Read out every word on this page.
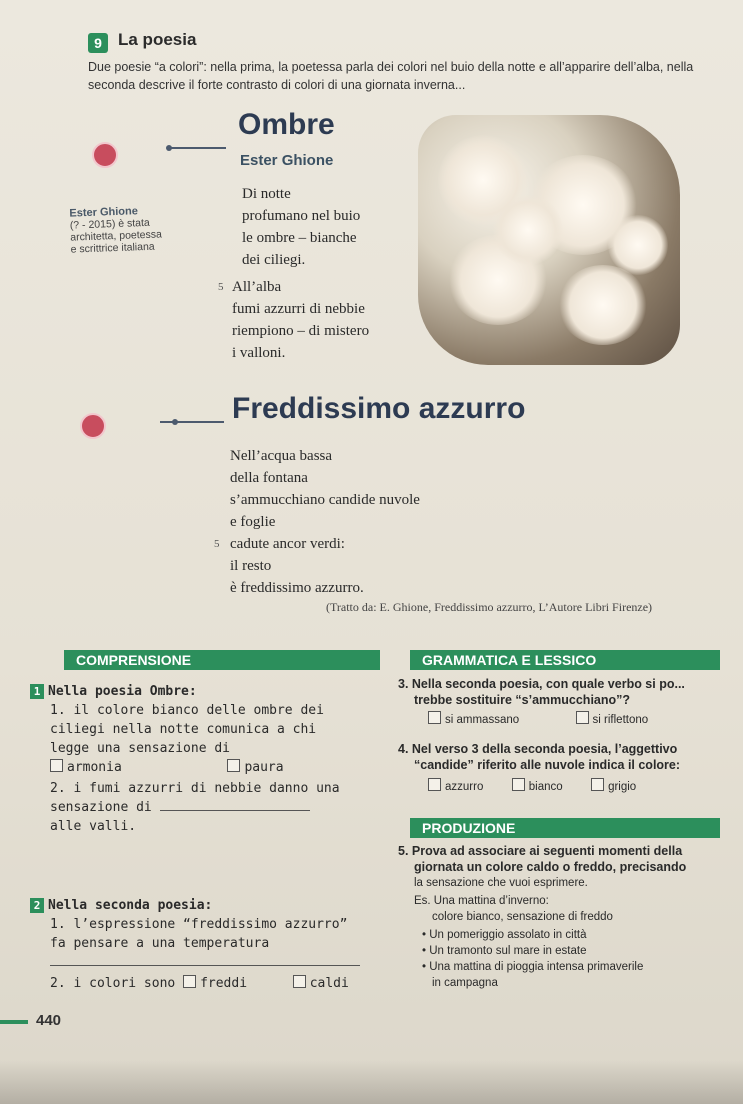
9 La poesia
Due poesie “a colori”: nella prima, la poetessa parla dei colori nel buio della notte e all’apparire dell’alba, nella seconda descrive il forte contrasto di colori di una giornata inverna...
Ombre
Ester Ghione
Ester Ghione
(? - 2015) è stata
architetta, poetessa
e scrittrice italiana
Di notte
profumano nel buio
le ombre – bianche
dei ciliegi.
5 All’alba
fumi azzurri di nebbie
riempiono – di mistero
i valloni.
Freddissimo azzurro
Nell’acqua bassa
della fontana
s’ammucchiano candide nuvole
e foglie
5 cadute ancor verdi:
il resto
è freddissimo azzurro.
(Tratto da: E. Ghione, Freddissimo azzurro, L’Autore Libri Firenze)
COMPRENSIONE
1 Nella poesia Ombre:
1. il colore bianco delle ombre dei
ciliegi nella notte comunica a chi
legge una sensazione di
armonia	paura
2. i fumi azzurri di nebbie danno una
sensazione di
alle valli.
2 Nella seconda poesia:
1. l’espressione “freddissimo azzurro”
fa pensare a una temperatura
2. i colori sono freddi	caldi
GRAMMATICA E LESSICO
3. Nella seconda poesia, con quale verbo si po...
trebbe sostituire “s’ammucchiano”?
si ammassano	si riflettono
4. Nel verso 3 della seconda poesia, l’aggettivo
“candide” riferito alle nuvole indica il colore:
azzurro	bianco	grigio
PRODUZIONE
5. Prova ad associare ai seguenti momenti della
giornata un colore caldo o freddo, precisando
la sensazione che vuoi esprimere.
Es. Una mattina d’inverno:
colore bianco, sensazione di freddo
• Un pomeriggio assolato in città
• Un tramonto sul mare in estate
• Una mattina di pioggia intensa primaverile
in campagna
440
